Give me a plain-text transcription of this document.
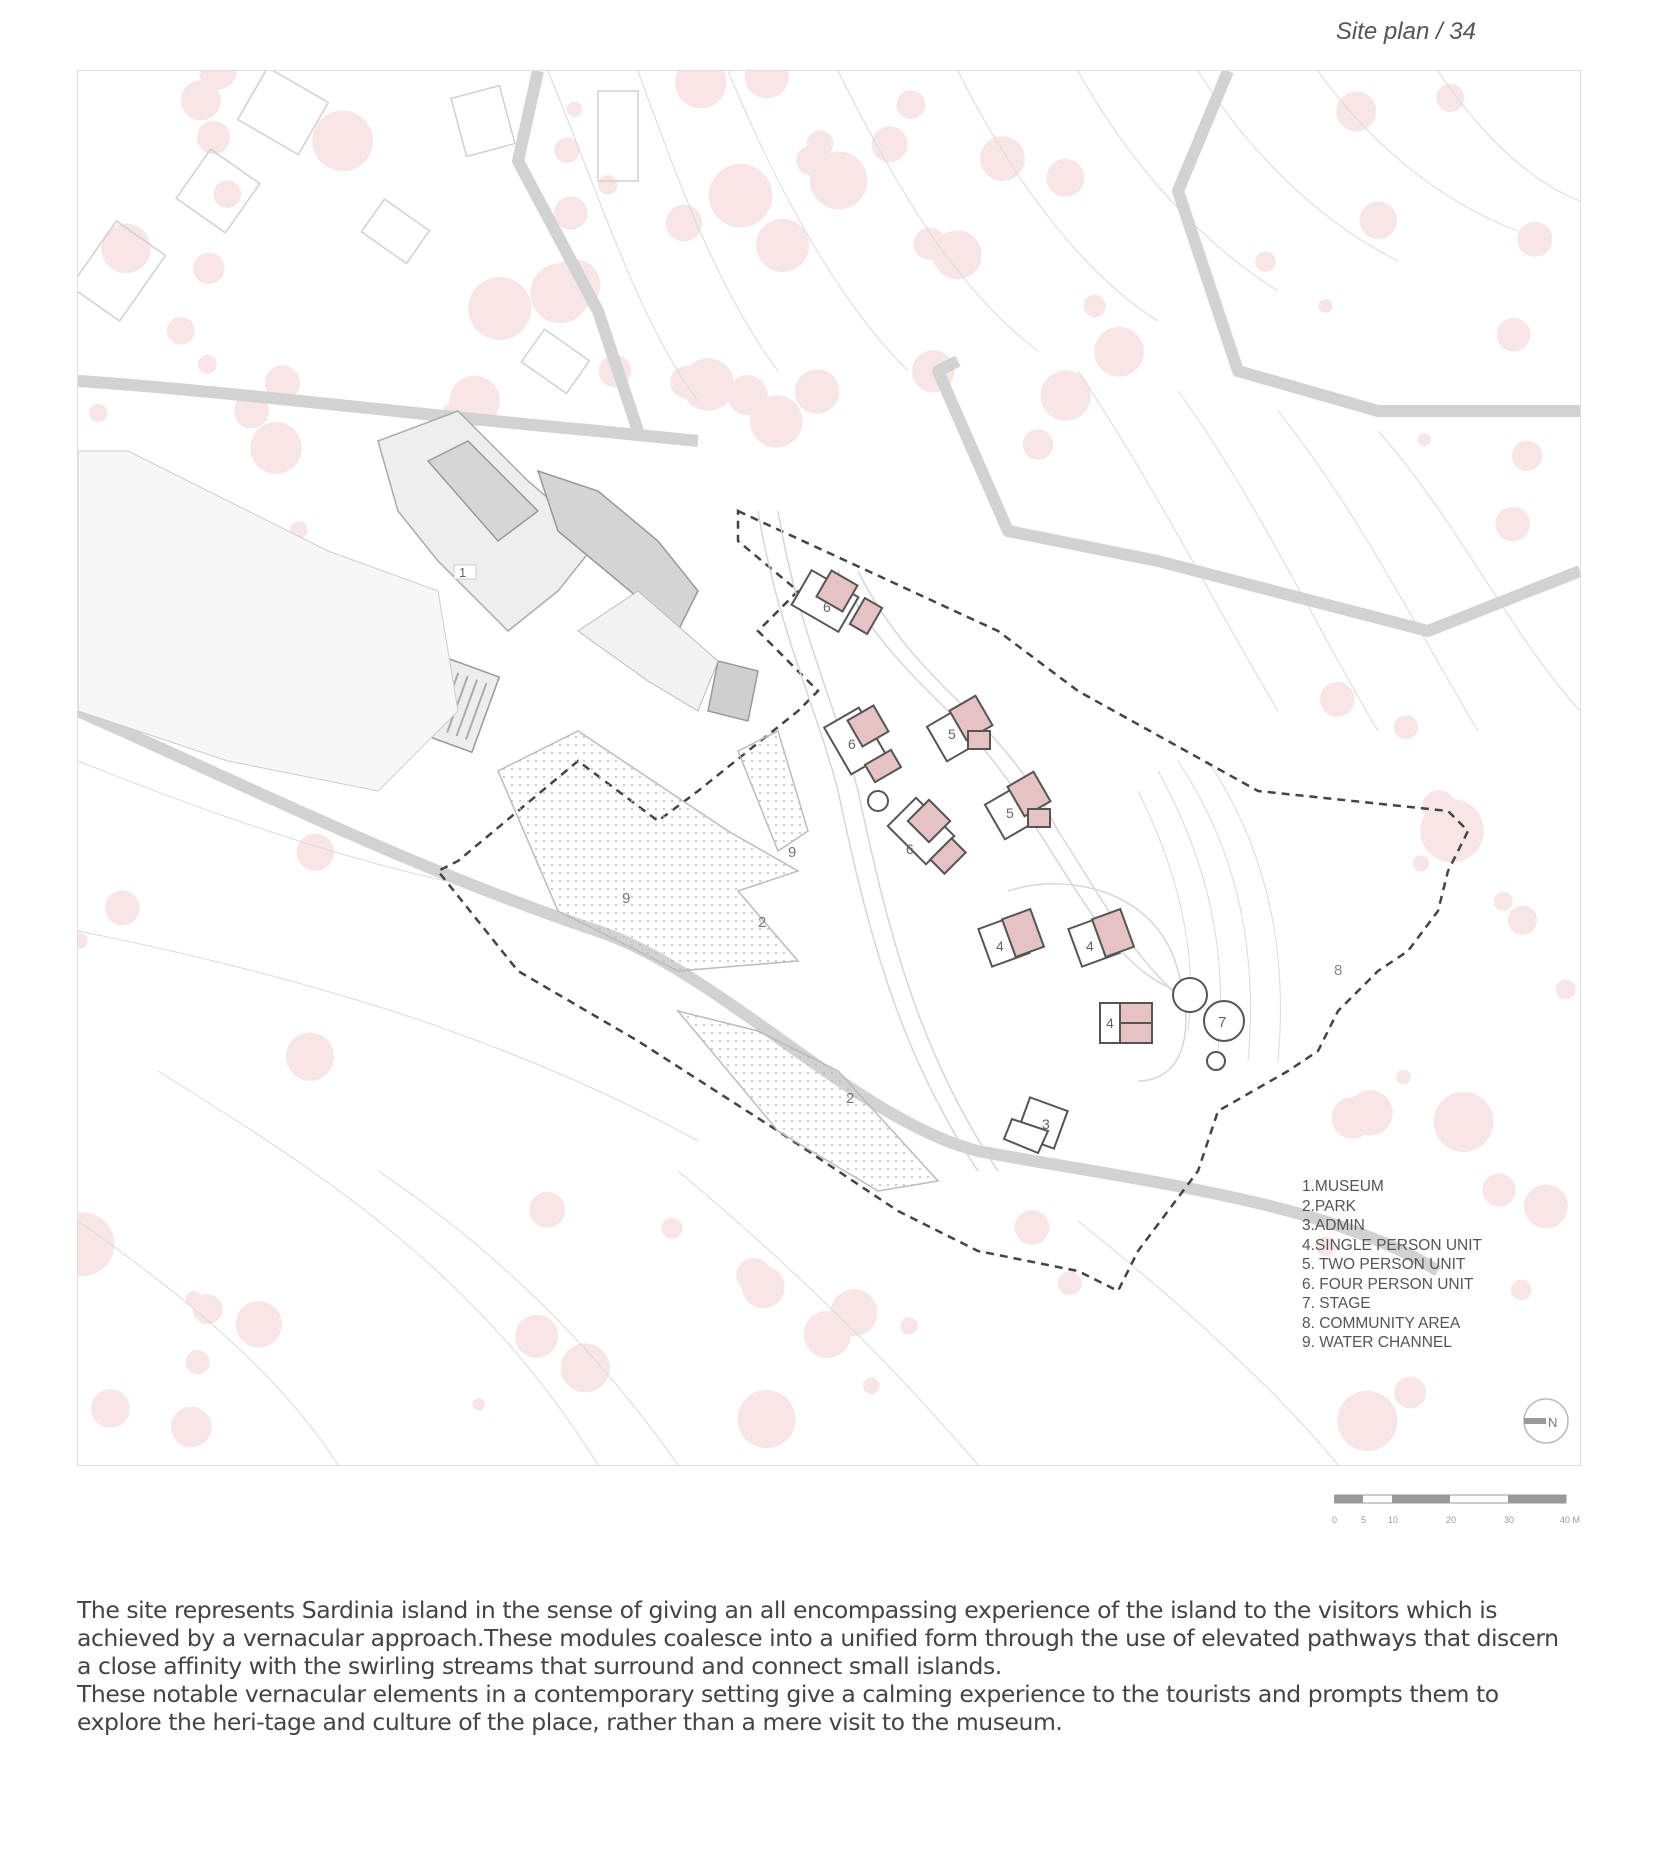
Site plan / 34
1
2
2
9
9
6
6
6
5
5
4	4
4
3
7
8
N
1.MUSEUM
2.PARK
3.ADMIN
4.SINGLE PERSON UNIT
5. TWO PERSON UNIT
6. FOUR PERSON UNIT
7. STAGE
8. COMMUNITY AREA
9. WATER CHANNEL
0	5 10	20	30	40 M

The site represents Sardinia island in the sense of giving an all encompassing experience of the island to the visitors which is achieved by a vernacular approach.These modules coalesce into a unified form through the use of elevated pathways that discern a close affinity with the swirling streams that surround and connect small islands.

These notable vernacular elements in a contemporary setting give a calming experience to the tourists and prompts them to explore the heri-tage and culture of the place, rather than a mere visit to the museum.
